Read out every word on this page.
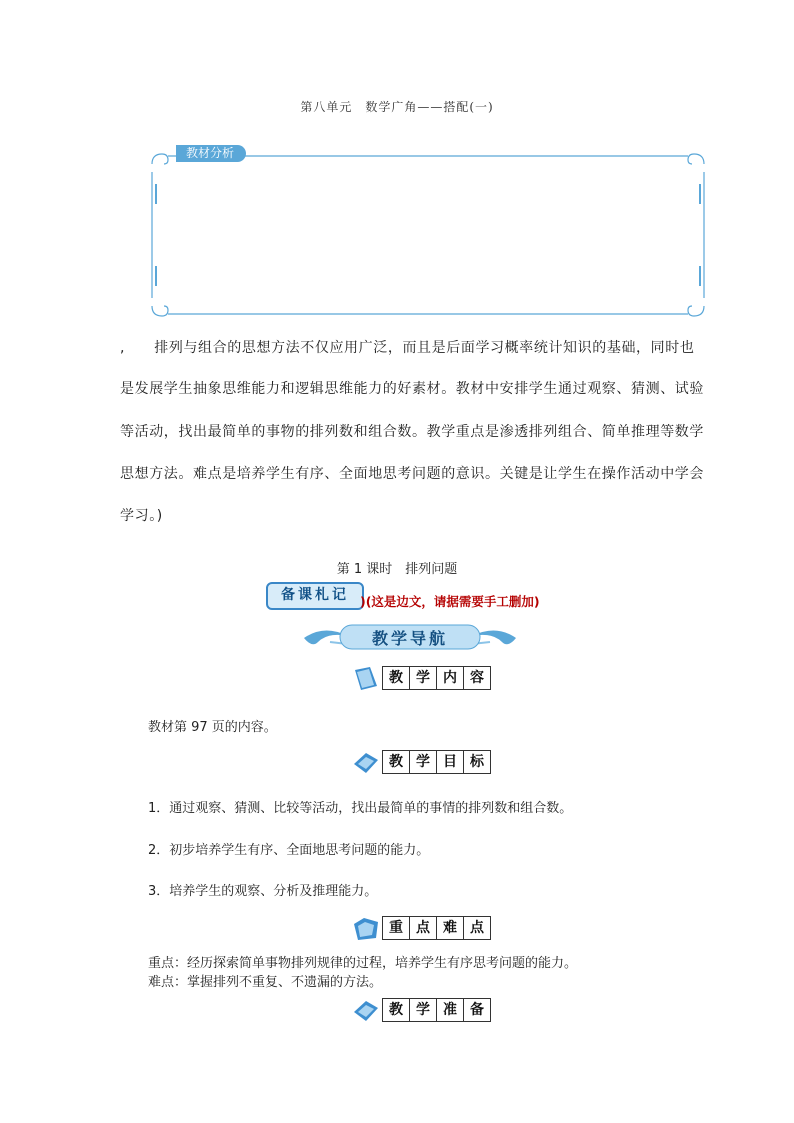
第八单元　数学广角——搭配(一)
教材分析
,　　排列与组合的思想方法不仅应用广泛，而且是后面学习概率统计知识的基础，同时也
是发展学生抽象思维能力和逻辑思维能力的好素材。教材中安排学生通过观察、猜测、试验
等活动，找出最简单的事物的排列数和组合数。教学重点是渗透排列组合、简单推理等数学
思想方法。难点是培养学生有序、全面地思考问题的意识。关键是让学生在操作活动中学会
学习。)
第 1 课时　排列问题
备课札记 )(这是边文，请据需要手工删加)
教学导航
教 学 内 容
教材第 97 页的内容。
教 学 目 标
1．通过观察、猜测、比较等活动，找出最简单的事情的排列数和组合数。
2．初步培养学生有序、全面地思考问题的能力。
3．培养学生的观察、分析及推理能力。
重 点 难 点
重点：经历探索简单事物排列规律的过程，培养学生有序思考问题的能力。
难点：掌握排列不重复、不遗漏的方法。
教 学 准 备
